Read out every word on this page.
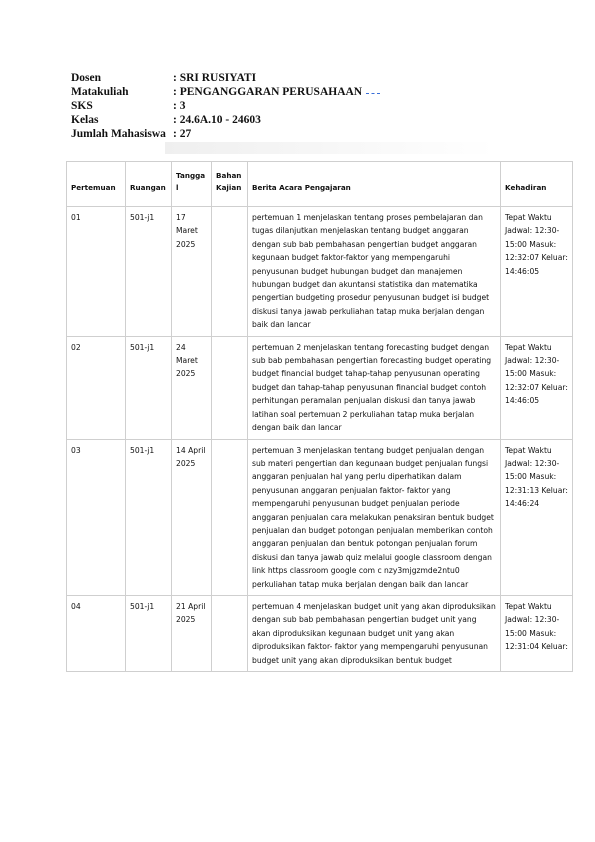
Dosen	: SRI RUSIYATI
Matakuliah	: PENGANGGARAN PERUSAHAAN
SKS	: 3
Kelas	: 24.6A.10 - 24603
Jumlah Mahasiswa : 27
Pertemuan	Ruangan	Tanggal	Bahan Kajian	Berita Acara Pengajaran	Kehadiran
01	501-j1	17 Maret 2025		pertemuan 1 menjelaskan tentang proses pembelajaran dan tugas dilanjutkan menjelaskan tentang budget anggaran dengan sub bab pembahasan pengertian budget anggaran kegunaan budget faktor-faktor yang mempengaruhi penyusunan budget hubungan budget dan manajemen hubungan budget dan akuntansi statistika dan matematika pengertian budgeting prosedur penyusunan budget isi budget diskusi tanya jawab perkuliahan tatap muka berjalan dengan baik dan lancar	Tepat Waktu Jadwal: 12:30-15:00 Masuk: 12:32:07 Keluar: 14:46:05
02	501-j1	24 Maret 2025		pertemuan 2 menjelaskan tentang forecasting budget dengan sub bab pembahasan pengertian forecasting budget operating budget financial budget tahap-tahap penyusunan operating budget dan tahap-tahap penyusunan financial budget contoh perhitungan peramalan penjualan diskusi dan tanya jawab latihan soal pertemuan 2 perkuliahan tatap muka berjalan dengan baik dan lancar	Tepat Waktu Jadwal: 12:30-15:00 Masuk: 12:32:07 Keluar: 14:46:05
03	501-j1	14 April 2025		pertemuan 3 menjelaskan tentang budget penjualan dengan sub materi pengertian dan kegunaan budget penjualan fungsi anggaran penjualan hal yang perlu diperhatikan dalam penyusunan anggaran penjualan faktor- faktor yang mempengaruhi penyusunan budget penjualan periode anggaran penjualan cara melakukan penaksiran bentuk budget penjualan dan budget potongan penjualan memberikan contoh anggaran penjualan dan bentuk potongan penjualan forum diskusi dan tanya jawab quiz melalui google classroom dengan link https classroom google com c nzy3mjgzmde2ntu0 perkuliahan tatap muka berjalan dengan baik dan lancar	Tepat Waktu Jadwal: 12:30-15:00 Masuk: 12:31:13 Keluar: 14:46:24
04	501-j1	21 April 2025		pertemuan 4 menjelaskan budget unit yang akan diproduksikan dengan sub bab pembahasan pengertian budget unit yang akan diproduksikan kegunaan budget unit yang akan diproduksikan faktor- faktor yang mempengaruhi penyusunan budget unit yang akan diproduksikan bentuk budget	Tepat Waktu Jadwal: 12:30-15:00 Masuk: 12:31:04 Keluar:
